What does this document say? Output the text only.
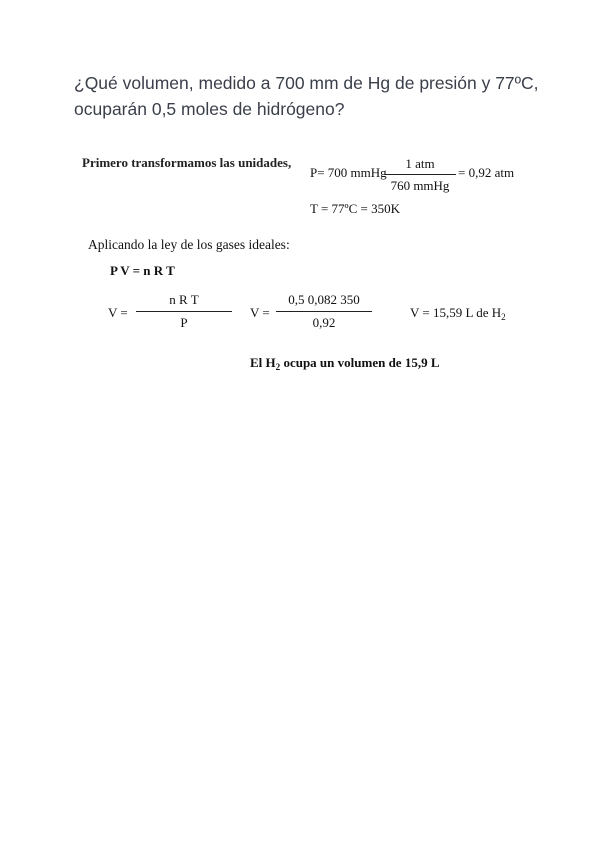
¿Qué volumen, medido a 700 mm de Hg de presión y 77ºC, ocuparán 0,5 moles de hidrógeno?
Primero transformamos las unidades,
P= 700 mmHg
1 atm
760 mmHg
= 0,92 atm
T = 77ºC = 350K
Aplicando la ley de los gases ideales:
P V = n R T
V =
n R T
P
V =
0,5 0,082 350
0,92
V = 15,59 L de $H_2$
El $H_2$ ocupa un volumen de 15,9 L
